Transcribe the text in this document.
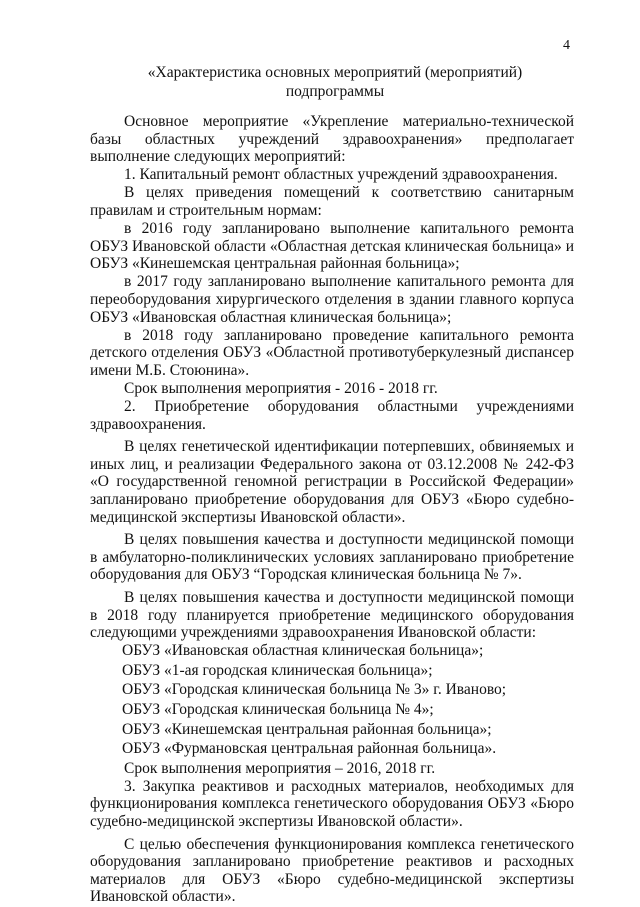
4
«Характеристика основных мероприятий (мероприятий)
подпрограммы

Основное мероприятие «Укрепление материально-технической базы областных учреждений здравоохранения» предполагает выполнение следующих мероприятий:

1. Капитальный ремонт областных учреждений здравоохранения.

В целях приведения помещений к соответствию санитарным правилам и строительным нормам:

в 2016 году запланировано выполнение капитального ремонта ОБУЗ Ивановской области «Областная детская клиническая больница» и ОБУЗ «Кинешемская центральная районная больница»;

в 2017 году запланировано выполнение капитального ремонта для переоборудования хирургического отделения в здании главного корпуса ОБУЗ «Ивановская областная клиническая больница»;

в 2018 году запланировано проведение капитального ремонта детского отделения ОБУЗ «Областной противотуберкулезный диспансер имени М.Б. Стоюнина».

Срок выполнения мероприятия - 2016 - 2018 гг.

2. Приобретение оборудования областными учреждениями здравоохранения.

В целях генетической идентификации потерпевших, обвиняемых и иных лиц, и реализации Федерального закона от 03.12.2008 № 242-ФЗ «О государственной геномной регистрации в Российской Федерации» запланировано приобретение оборудования для ОБУЗ «Бюро судебно-медицинской экспертизы Ивановской области».

В целях повышения качества и доступности медицинской помощи в амбулаторно-поликлинических условиях запланировано приобретение оборудования для ОБУЗ “Городская клиническая больница № 7».

В целях повышения качества и доступности медицинской помощи в 2018 году планируется приобретение медицинского оборудования следующими учреждениями здравоохранения Ивановской области:

ОБУЗ «Ивановская областная клиническая больница»;

ОБУЗ «1-ая городская клиническая больница»;

ОБУЗ «Городская клиническая больница № 3» г. Иваново;

ОБУЗ «Городская клиническая больница № 4»;

ОБУЗ «Кинешемская центральная районная больница»;

ОБУЗ «Фурмановская центральная районная больница».

Срок выполнения мероприятия – 2016, 2018 гг.

3. Закупка реактивов и расходных материалов, необходимых для функционирования комплекса генетического оборудования ОБУЗ «Бюро судебно-медицинской экспертизы Ивановской области».

С целью обеспечения функционирования комплекса генетического оборудования запланировано приобретение реактивов и расходных материалов для ОБУЗ «Бюро судебно-медицинской экспертизы Ивановской области».
